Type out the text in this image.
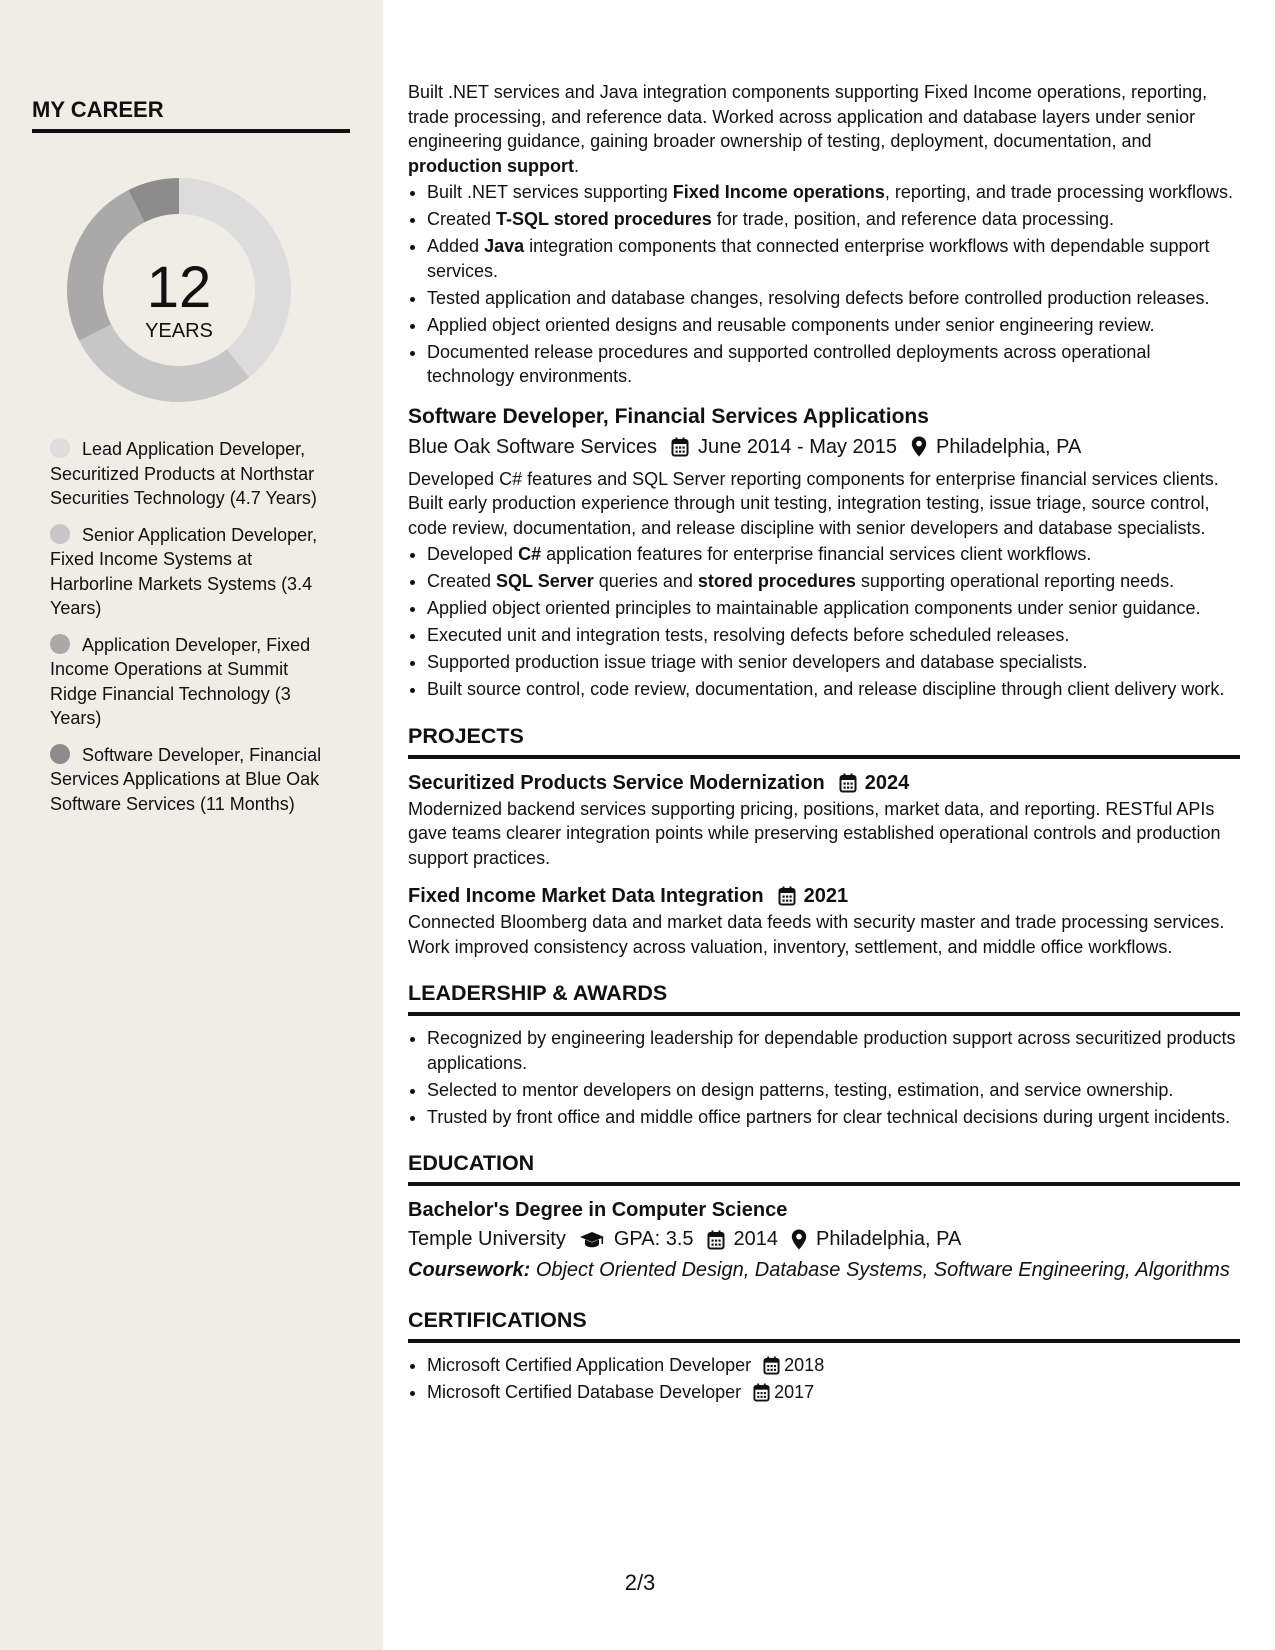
MY CAREER
12
YEARS
Lead Application Developer, Securitized Products at Northstar Securities Technology (4.7 Years)
Senior Application Developer, Fixed Income Systems at Harborline Markets Systems (3.4 Years)
Application Developer, Fixed Income Operations at Summit Ridge Financial Technology (3 Years)
Software Developer, Financial Services Applications at Blue Oak Software Services (11 Months)

Built .NET services and Java integration components supporting Fixed Income operations, reporting, trade processing, and reference data. Worked across application and database layers under senior engineering guidance, gaining broader ownership of testing, deployment, documentation, and production support.

• Built .NET services supporting Fixed Income operations, reporting, and trade processing workflows.
• Created T-SQL stored procedures for trade, position, and reference data processing.
• Added Java integration components that connected enterprise workflows with dependable support services.
• Tested application and database changes, resolving defects before controlled production releases.
• Applied object oriented designs and reusable components under senior engineering review.
• Documented release procedures and supported controlled deployments across operational technology environments.
Software Developer, Financial Services Applications
Blue Oak Software Services June 2014 - May 2015 Philadelphia, PA

Developed C# features and SQL Server reporting components for enterprise financial services clients. Built early production experience through unit testing, integration testing, issue triage, source control, code review, documentation, and release discipline with senior developers and database specialists.

• Developed C# application features for enterprise financial services client workflows.
• Created SQL Server queries and stored procedures supporting operational reporting needs.
• Applied object oriented principles to maintainable application components under senior guidance.
• Executed unit and integration tests, resolving defects before scheduled releases.
• Supported production issue triage with senior developers and database specialists.
• Built source control, code review, documentation, and release discipline through client delivery work.
PROJECTS
Securitized Products Service Modernization 2024

Modernized backend services supporting pricing, positions, market data, and reporting. RESTful APIs gave teams clearer integration points while preserving established operational controls and production support practices.

Fixed Income Market Data Integration 2021

Connected Bloomberg data and market data feeds with security master and trade processing services. Work improved consistency across valuation, inventory, settlement, and middle office workflows.

LEADERSHIP & AWARDS
• Recognized by engineering leadership for dependable production support across securitized products applications.
• Selected to mentor developers on design patterns, testing, estimation, and service ownership.
• Trusted by front office and middle office partners for clear technical decisions during urgent incidents.
EDUCATION
Bachelor's Degree in Computer Science
Temple University GPA: 3.5 2014 Philadelphia, PA
Coursework: Object Oriented Design, Database Systems, Software Engineering, Algorithms
CERTIFICATIONS
• Microsoft Certified Application Developer 2018
• Microsoft Certified Database Developer 2017
2/3
